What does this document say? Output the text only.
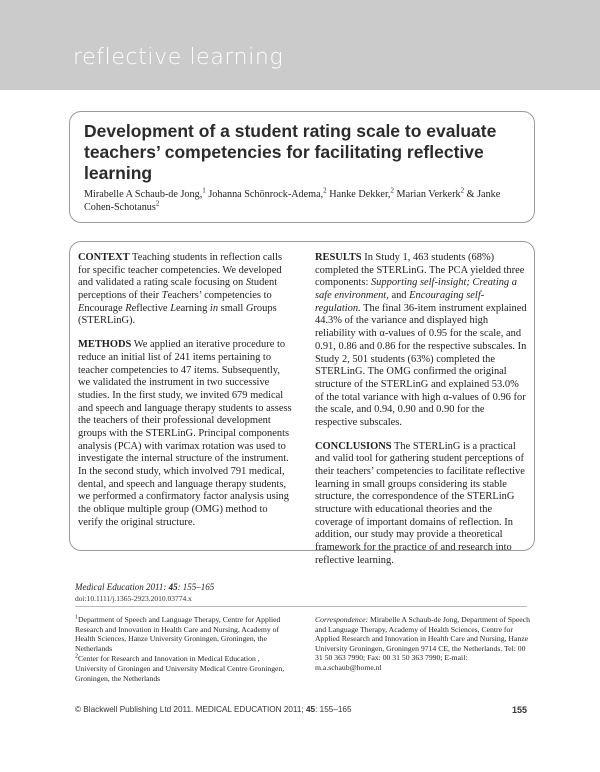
reflective learning
Development of a student rating scale to evaluate teachers’ competencies for facilitating reflective learning

Mirabelle A Schaub-de Jong,$^1$ Johanna Schönrock-Adema,$^2$ Hanke Dekker,$^2$ Marian Verkerk$^2$ & Janke Cohen-Schotanus$^2$

CONTEXT Teaching students in reflection calls for specific teacher competencies. We developed and validated a rating scale focusing on Student perceptions of their Teachers’ competencies to Encourage Reflective Learning in small Groups (STERLinG).

METHODS We applied an iterative procedure to reduce an initial list of 241 items pertaining to teacher competencies to 47 items. Subsequently, we validated the instrument in two successive studies. In the first study, we invited 679 medical and speech and language therapy students to assess the teachers of their professional development groups with the STERLinG. Principal components analysis (PCA) with varimax rotation was used to investigate the internal structure of the instrument. In the second study, which involved 791 medical, dental, and speech and language therapy students, we performed a confirmatory factor analysis using the oblique multiple group (OMG) method to verify the original structure.

RESULTS In Study 1, 463 students (68%) completed the STERLinG. The PCA yielded three components: Supporting self-insight; Creating a safe environment, and Encouraging self-regulation. The final 36-item instrument explained 44.3% of the variance and displayed high reliability with α-values of 0.95 for the scale, and 0.91, 0.86 and 0.86 for the respective subscales. In Study 2, 501 students (63%) completed the STERLinG. The OMG confirmed the original structure of the STERLinG and explained 53.0% of the total variance with high α-values of 0.96 for the scale, and 0.94, 0.90 and 0.90 for the respective subscales.

CONCLUSIONS The STERLinG is a practical and valid tool for gathering student perceptions of their teachers’ competencies to facilitate reflective learning in small groups considering its stable structure, the correspondence of the STERLinG structure with educational theories and the coverage of important domains of reflection. In addition, our study may provide a theoretical framework for the practice of and research into reflective learning.

Medical Education 2011: 45: 155–165
doi:10.1111/j.1365-2923.2010.03774.x

$^1$Department of Speech and Language Therapy, Centre for Applied Research and Innovation in Health Care and Nursing, Academy of Health Sciences, Hanze University Groningen, Groningen, the Netherlands

$^2$Center for Research and Innovation in Medical Education , University of Groningen and University Medical Centre Groningen, Groningen, the Netherlands

Correspondence: Mirabelle A Schaub-de Jong, Department of Speech and Language Therapy, Academy of Health Sciences, Centre for Applied Research and Innovation in Health Care and Nursing, Hanze University Groningen, Groningen 9714 CE, the Netherlands. Tel: 00 31 50 363 7990; Fax: 00 31 50 363 7990; E-mail: m.a.schaub@home.nl

© Blackwell Publishing Ltd 2011. MEDICAL EDUCATION 2011; 45: 155–165	155
